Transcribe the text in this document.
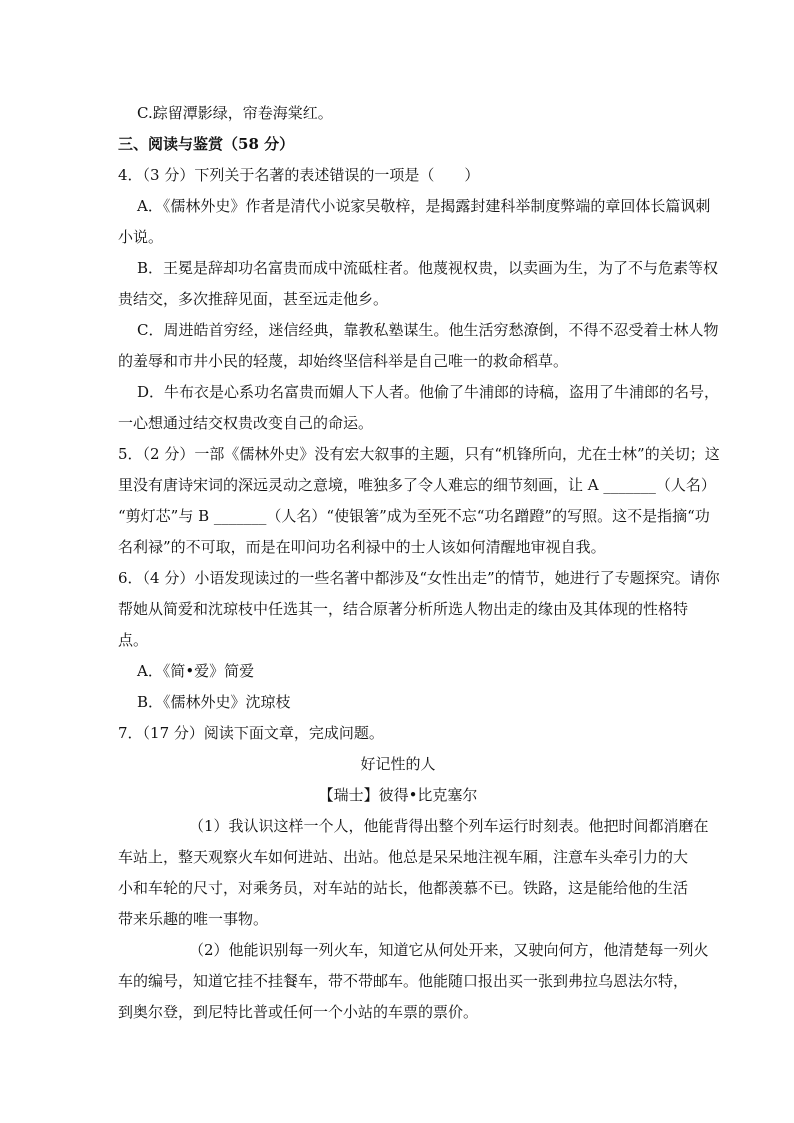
C.踪留潭影绿，帘卷海棠红。
三、阅读与鉴赏（58 分）
4．（3 分）下列关于名著的表述错误的一项是（　　）
A．《儒林外史》作者是清代小说家吴敬梓，是揭露封建科举制度弊端的章回体长篇讽刺
小说。
B．王冕是辞却功名富贵而成中流砥柱者。他蔑视权贵，以卖画为生，为了不与危素等权
贵结交，多次推辞见面，甚至远走他乡。
C．周进皓首穷经，迷信经典，靠教私塾谋生。他生活穷愁潦倒，不得不忍受着士林人物
的羞辱和市井小民的轻蔑，却始终坚信科举是自己唯一的救命稻草。
D．牛布衣是心系功名富贵而媚人下人者。他偷了牛浦郎的诗稿，盗用了牛浦郎的名号，
一心想通过结交权贵改变自己的命运。
5．（2 分）一部《儒林外史》没有宏大叙事的主题，只有“机锋所向，尤在士林”的关切；这
里没有唐诗宋词的深远灵动之意境，唯独多了令人难忘的细节刻画，让 A _______（人名）
“剪灯芯”与 B _______（人名）“使银箸”成为至死不忘“功名蹭蹬”的写照。这不是指摘“功
名利禄”的不可取，而是在叩问功名利禄中的士人该如何清醒地审视自我。
6．（4 分）小语发现读过的一些名著中都涉及“女性出走”的情节，她进行了专题探究。请你
帮她从简爱和沈琼枝中任选其一，结合原著分析所选人物出走的缘由及其体现的性格特
点。
A．《简•爱》简爱
B．《儒林外史》沈琼枝
7．（17 分）阅读下面文章，完成问题。
好记性的人
【瑞士】彼得•比克塞尔
（1）我认识这样一个人，他能背得出整个列车运行时刻表。他把时间都消磨在
车站上，整天观察火车如何进站、出站。他总是呆呆地注视车厢，注意车头牵引力的大
小和车轮的尺寸，对乘务员，对车站的站长，他都羡慕不已。铁路，这是能给他的生活
带来乐趣的唯一事物。
（2）他能识别每一列火车，知道它从何处开来，又驶向何方，他清楚每一列火
车的编号，知道它挂不挂餐车，带不带邮车。他能随口报出买一张到弗拉乌恩法尔特，
到奥尔登，到尼特比普或任何一个小站的车票的票价。
